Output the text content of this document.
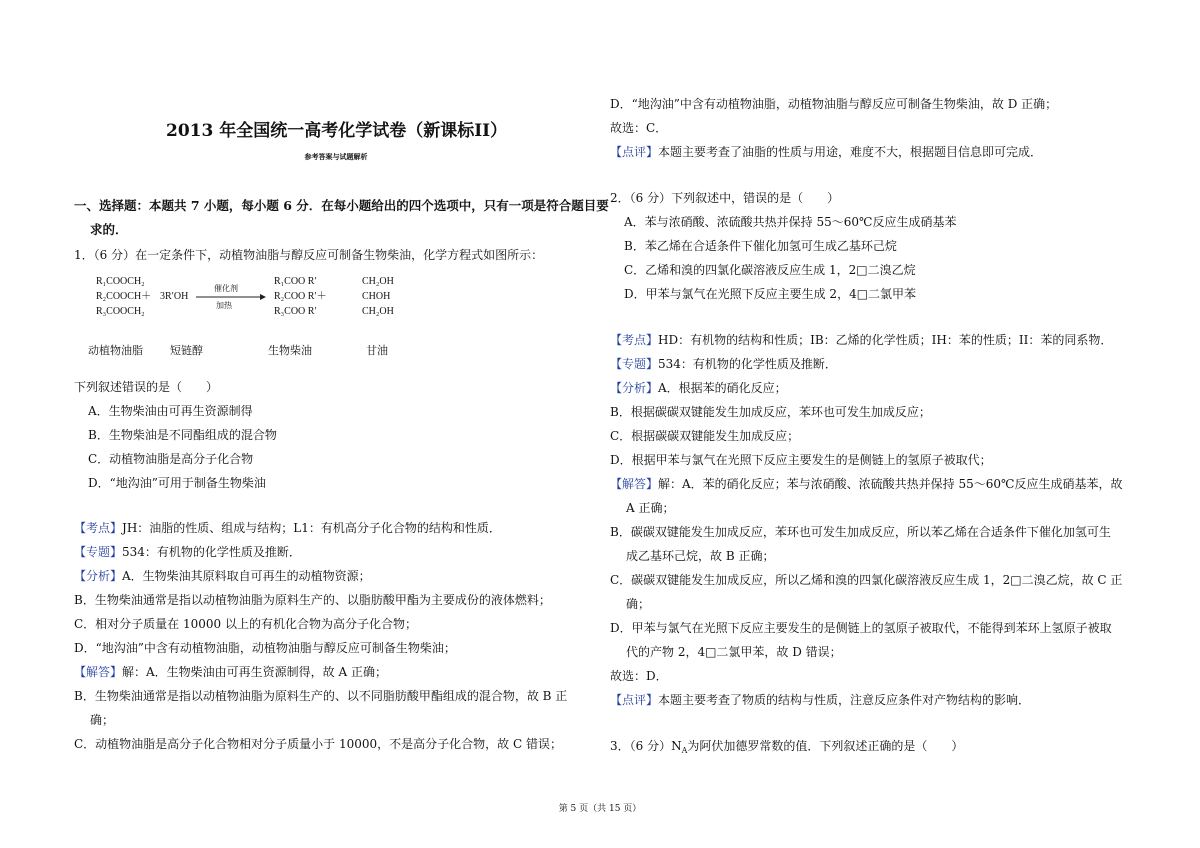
2013 年全国统一高考化学试卷（新课标II）
参考答案与试题解析
一、选择题：本题共 7 小题，每小题 6 分．在每小题给出的四个选项中，只有一项是符合题目要
求的．
1．（6 分）在一定条件下，动植物油脂与醇反应可制备生物柴油，化学方程式如图所示：
R₁COOCH₂
R₂COOCH＋
R₃COOCH₂
3R′OH
催化剂
加热
R₁COO R′
R₂COO R′＋
R₃COO R′
CH₂OH
CHOH
CH₂OH
动植物油脂 短链醇	生物柴油	甘油
下列叙述错误的是（　　）
A．生物柴油由可再生资源制得
B．生物柴油是不同酯组成的混合物
C．动植物油脂是高分子化合物
D．“地沟油”可用于制备生物柴油
【考点】JH：油脂的性质、组成与结构；L1：有机高分子化合物的结构和性质．
【专题】534：有机物的化学性质及推断．
【分析】A．生物柴油其原料取自可再生的动植物资源；
B．生物柴油通常是指以动植物油脂为原料生产的、以脂肪酸甲酯为主要成份的液体燃料；
C．相对分子质量在 10000 以上的有机化合物为高分子化合物；
D．“地沟油”中含有动植物油脂，动植物油脂与醇反应可制备生物柴油；
【解答】解：A．生物柴油由可再生资源制得，故 A 正确；
B．生物柴油通常是指以动植物油脂为原料生产的、以不同脂肪酸甲酯组成的混合物，故 B 正
确；
C．动植物油脂是高分子化合物相对分子质量小于 10000，不是高分子化合物，故 C 错误；
D．“地沟油”中含有动植物油脂，动植物油脂与醇反应可制备生物柴油，故 D 正确；
故选：C．
【点评】本题主要考查了油脂的性质与用途，难度不大，根据题目信息即可完成．
2．（6 分）下列叙述中，错误的是（　　）
A．苯与浓硝酸、浓硫酸共热并保持 55～60℃反应生成硝基苯
B．苯乙烯在合适条件下催化加氢可生成乙基环己烷
C．乙烯和溴的四氯化碳溶液反应生成 1，2□二溴乙烷
D．甲苯与氯气在光照下反应主要生成 2，4□二氯甲苯
【考点】HD：有机物的结构和性质；IB：乙烯的化学性质；IH：苯的性质；II：苯的同系物．
【专题】534：有机物的化学性质及推断．
【分析】A．根据苯的硝化反应；
B．根据碳碳双键能发生加成反应，苯环也可发生加成反应；
C．根据碳碳双键能发生加成反应；
D．根据甲苯与氯气在光照下反应主要发生的是侧链上的氢原子被取代；
【解答】解：A．苯的硝化反应；苯与浓硝酸、浓硫酸共热并保持 55～60℃反应生成硝基苯，故
A 正确；
B．碳碳双键能发生加成反应，苯环也可发生加成反应，所以苯乙烯在合适条件下催化加氢可生
成乙基环己烷，故 B 正确；
C．碳碳双键能发生加成反应，所以乙烯和溴的四氯化碳溶液反应生成 1，2□二溴乙烷，故 C 正
确；
D．甲苯与氯气在光照下反应主要发生的是侧链上的氢原子被取代，不能得到苯环上氢原子被取
代的产物 2，4□二氯甲苯，故 D 错误；
故选：D．
【点评】本题主要考查了物质的结构与性质，注意反应条件对产物结构的影响．
3．（6 分）$N_A$为阿伏加德罗常数的值．下列叙述正确的是（　　）
第 5 页（共 15 页）
